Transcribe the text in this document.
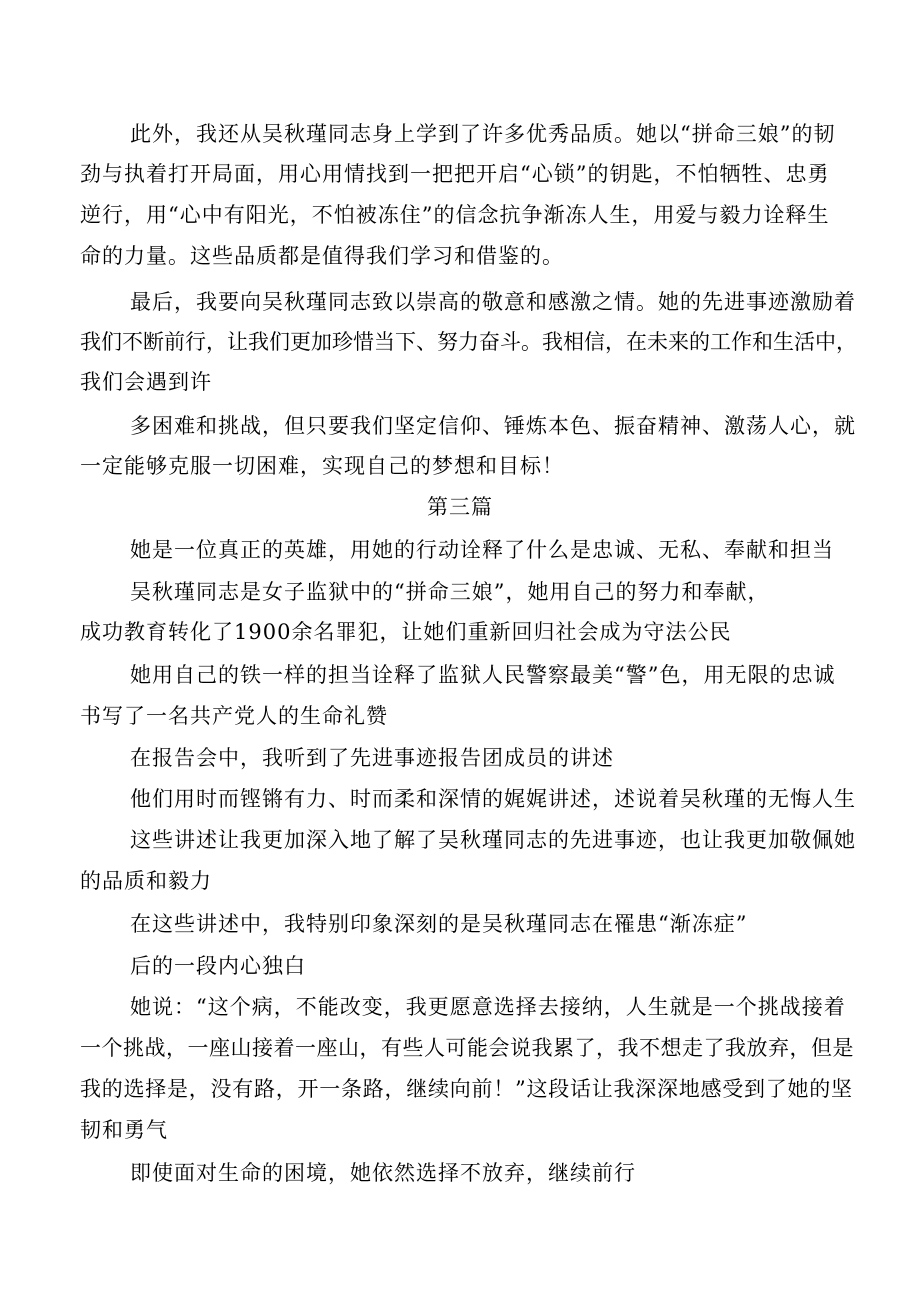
此外，我还从吴秋瑾同志身上学到了许多优秀品质。她以“拼命三娘”的韧
劲与执着打开局面，用心用情找到一把把开启“心锁”的钥匙，不怕牺牲、忠勇
逆行，用“心中有阳光，不怕被冻住”的信念抗争渐冻人生，用爱与毅力诠释生
命的力量。这些品质都是值得我们学习和借鉴的。
最后，我要向吴秋瑾同志致以崇高的敬意和感激之情。她的先进事迹激励着
我们不断前行，让我们更加珍惜当下、努力奋斗。我相信，在未来的工作和生活中，
我们会遇到许
多困难和挑战，但只要我们坚定信仰、锤炼本色、振奋精神、激荡人心，就
一定能够克服一切困难，实现自己的梦想和目标！
第三篇
她是一位真正的英雄，用她的行动诠释了什么是忠诚、无私、奉献和担当
吴秋瑾同志是女子监狱中的“拼命三娘”，她用自己的努力和奉献，
成功教育转化了1900余名罪犯，让她们重新回归社会成为守法公民
她用自己的铁一样的担当诠释了监狱人民警察最美“警”色，用无限的忠诚
书写了一名共产党人的生命礼赞
在报告会中，我听到了先进事迹报告团成员的讲述
他们用时而铿锵有力、时而柔和深情的娓娓讲述，述说着吴秋瑾的无悔人生
这些讲述让我更加深入地了解了吴秋瑾同志的先进事迹，也让我更加敬佩她
的品质和毅力
在这些讲述中，我特别印象深刻的是吴秋瑾同志在罹患“渐冻症”
后的一段内心独白
她说：“这个病，不能改变，我更愿意选择去接纳，人生就是一个挑战接着
一个挑战，一座山接着一座山，有些人可能会说我累了，我不想走了我放弃，但是
我的选择是，没有路，开一条路，继续向前！”这段话让我深深地感受到了她的坚
韧和勇气
即使面对生命的困境，她依然选择不放弃，继续前行
